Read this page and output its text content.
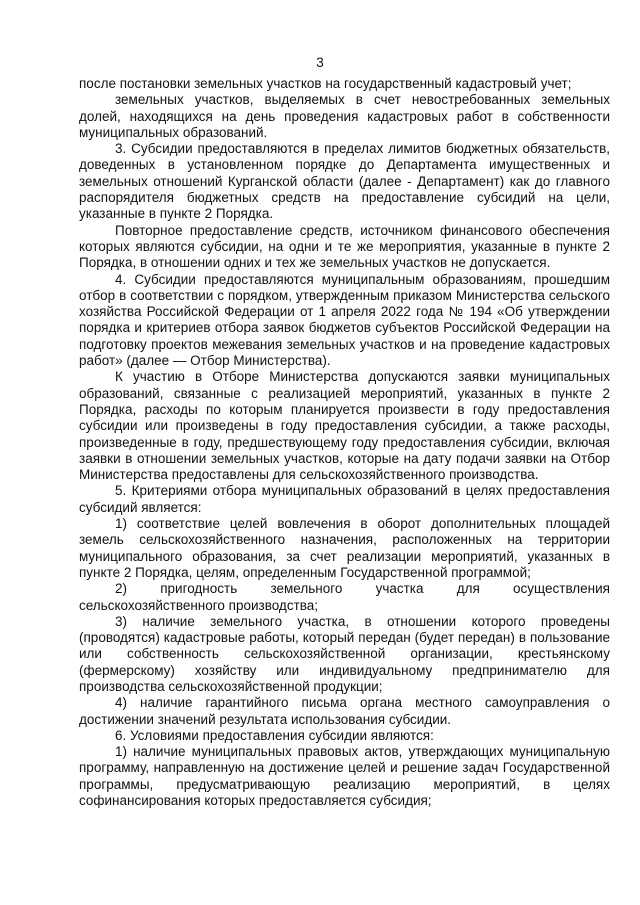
3

после постановки земельных участков на государственный кадастровый учет;

земельных участков, выделяемых в счет невостребованных земельных долей, находящихся на день проведения кадастровых работ в собственности муниципальных образований.

3. Субсидии предоставляются в пределах лимитов бюджетных обязательств, доведенных в установленном порядке до Департамента имущественных и земельных отношений Курганской области (далее - Департамент) как до главного распорядителя бюджетных средств на предоставление субсидий на цели, указанные в пункте 2 Порядка.

Повторное предоставление средств, источником финансового обеспечения которых являются субсидии, на одни и те же мероприятия, указанные в пункте 2 Порядка, в отношении одних и тех же земельных участков не допускается.

4. Субсидии предоставляются муниципальным образованиям, прошедшим отбор в соответствии с порядком, утвержденным приказом Министерства сельского хозяйства Российской Федерации от 1 апреля 2022 года № 194 «Об утверждении порядка и критериев отбора заявок бюджетов субъектов Российской Федерации на подготовку проектов межевания земельных участков и на проведение кадастровых работ» (далее — Отбор Министерства).

К участию в Отборе Министерства допускаются заявки муниципальных образований, связанные с реализацией мероприятий, указанных в пункте 2 Порядка, расходы по которым планируется произвести в году предоставления субсидии или произведены в году предоставления субсидии, а также расходы, произведенные в году, предшествующему году предоставления субсидии, включая заявки в отношении земельных участков, которые на дату подачи заявки на Отбор Министерства предоставлены для сельскохозяйственного производства.

5. Критериями отбора муниципальных образований в целях предоставления субсидий является:

1) соответствие целей вовлечения в оборот дополнительных площадей земель сельскохозяйственного назначения, расположенных на территории муниципального образования, за счет реализации мероприятий, указанных в пункте 2 Порядка, целям, определенным Государственной программой;

2) пригодность земельного участка для осуществления сельскохозяйственного производства;

3) наличие земельного участка, в отношении которого проведены (проводятся) кадастровые работы, который передан (будет передан) в пользование или собственность сельскохозяйственной организации, крестьянскому (фермерскому) хозяйству или индивидуальному предпринимателю для производства сельскохозяйственной продукции;

4) наличие гарантийного письма органа местного самоуправления о достижении значений результата использования субсидии.

6. Условиями предоставления субсидии являются:

1) наличие муниципальных правовых актов, утверждающих муниципальную программу, направленную на достижение целей и решение задач Государственной программы, предусматривающую реализацию мероприятий, в целях софинансирования которых предоставляется субсидия;
